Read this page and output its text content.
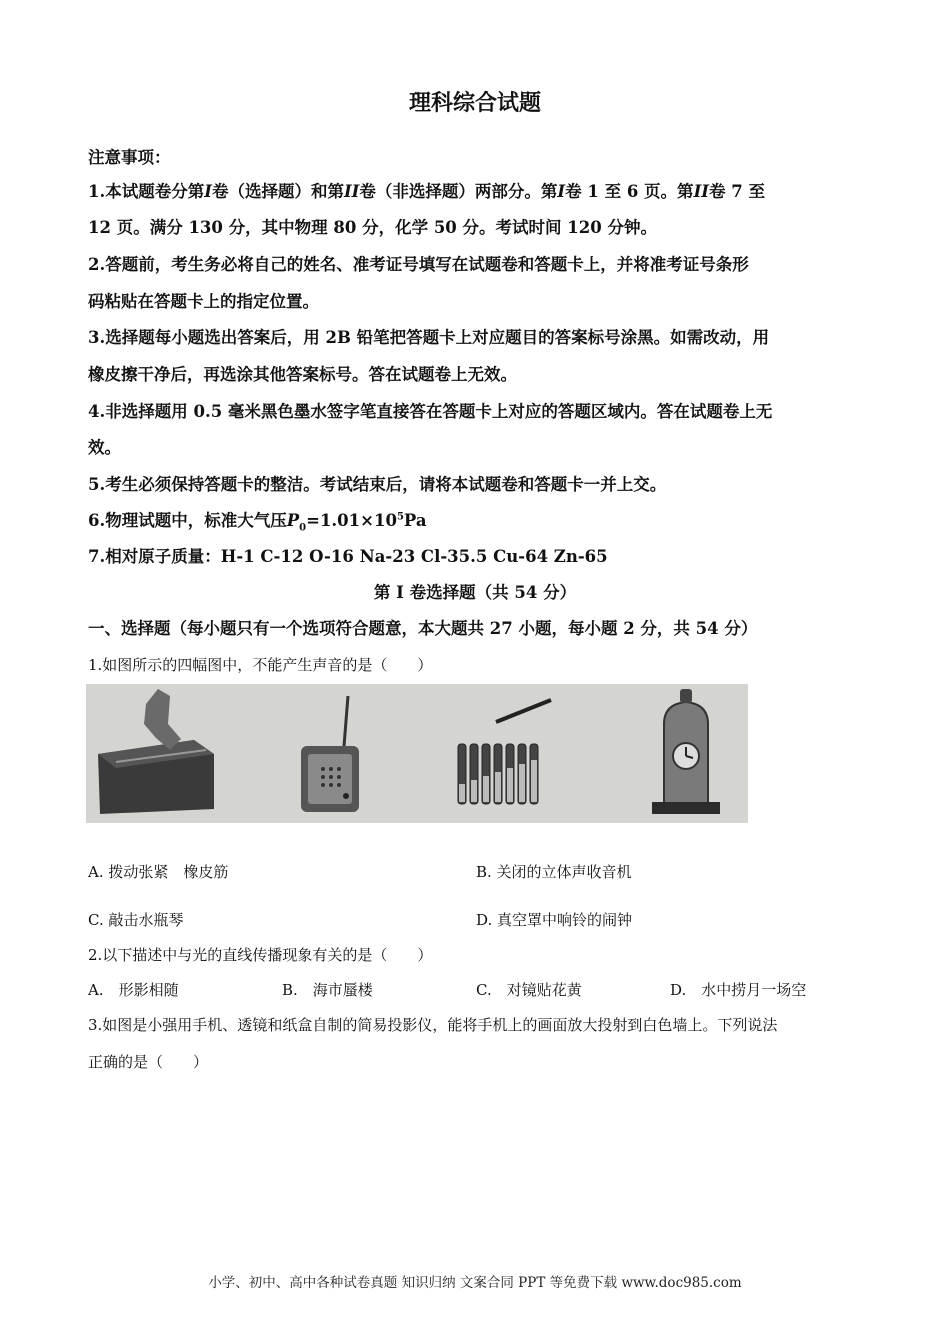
理科综合试题
注意事项：
1.本试题卷分第I卷（选择题）和第II卷（非选择题）两部分。第I卷 1 至 6 页。第II卷 7 至
12 页。满分 130 分，其中物理 80 分，化学 50 分。考试时间 120 分钟。
2.答题前，考生务必将自己的姓名、准考证号填写在试题卷和答题卡上，并将准考证号条形
码粘贴在答题卡上的指定位置。
3.选择题每小题选出答案后，用 2B 铅笔把答题卡上对应题目的答案标号涂黑。如需改动，用
橡皮擦干净后，再选涂其他答案标号。答在试题卷上无效。
4.非选择题用 0.5 毫米黑色墨水签字笔直接答在答题卡上对应的答题区域内。答在试题卷上无
效。
5.考生必须保持答题卡的整洁。考试结束后，请将本试题卷和答题卡一并上交。
6.物理试题中，标准大气压$P_0=1.01\times 10^5Pa$
7.相对原子质量：H-1 C-12 O-16 Na-23 Cl-35.5 Cu-64 Zn-65
第 I 卷选择题（共 54 分）
一、选择题（每小题只有一个选项符合题意，本大题共 27 小题，每小题 2 分，共 54 分）
1.如图所示的四幅图中，不能产生声音的是（　　）
A. 拨动张紧　橡皮筋	B. 关闭的立体声收音机
C. 敲击水瓶琴	D. 真空罩中响铃的闹钟
2.以下描述中与光的直线传播现象有关的是（　　）
A.　形影相随	B.　海市蜃楼	C.　对镜贴花黄	D.　水中捞月一场空
3.如图是小强用手机、透镜和纸盒自制的简易投影仪，能将手机上的画面放大投射到白色墙上。下列说法
正确的是（　　）
小学、初中、高中各种试卷真题 知识归纳 文案合同 PPT 等免费下载 www.doc985.com
